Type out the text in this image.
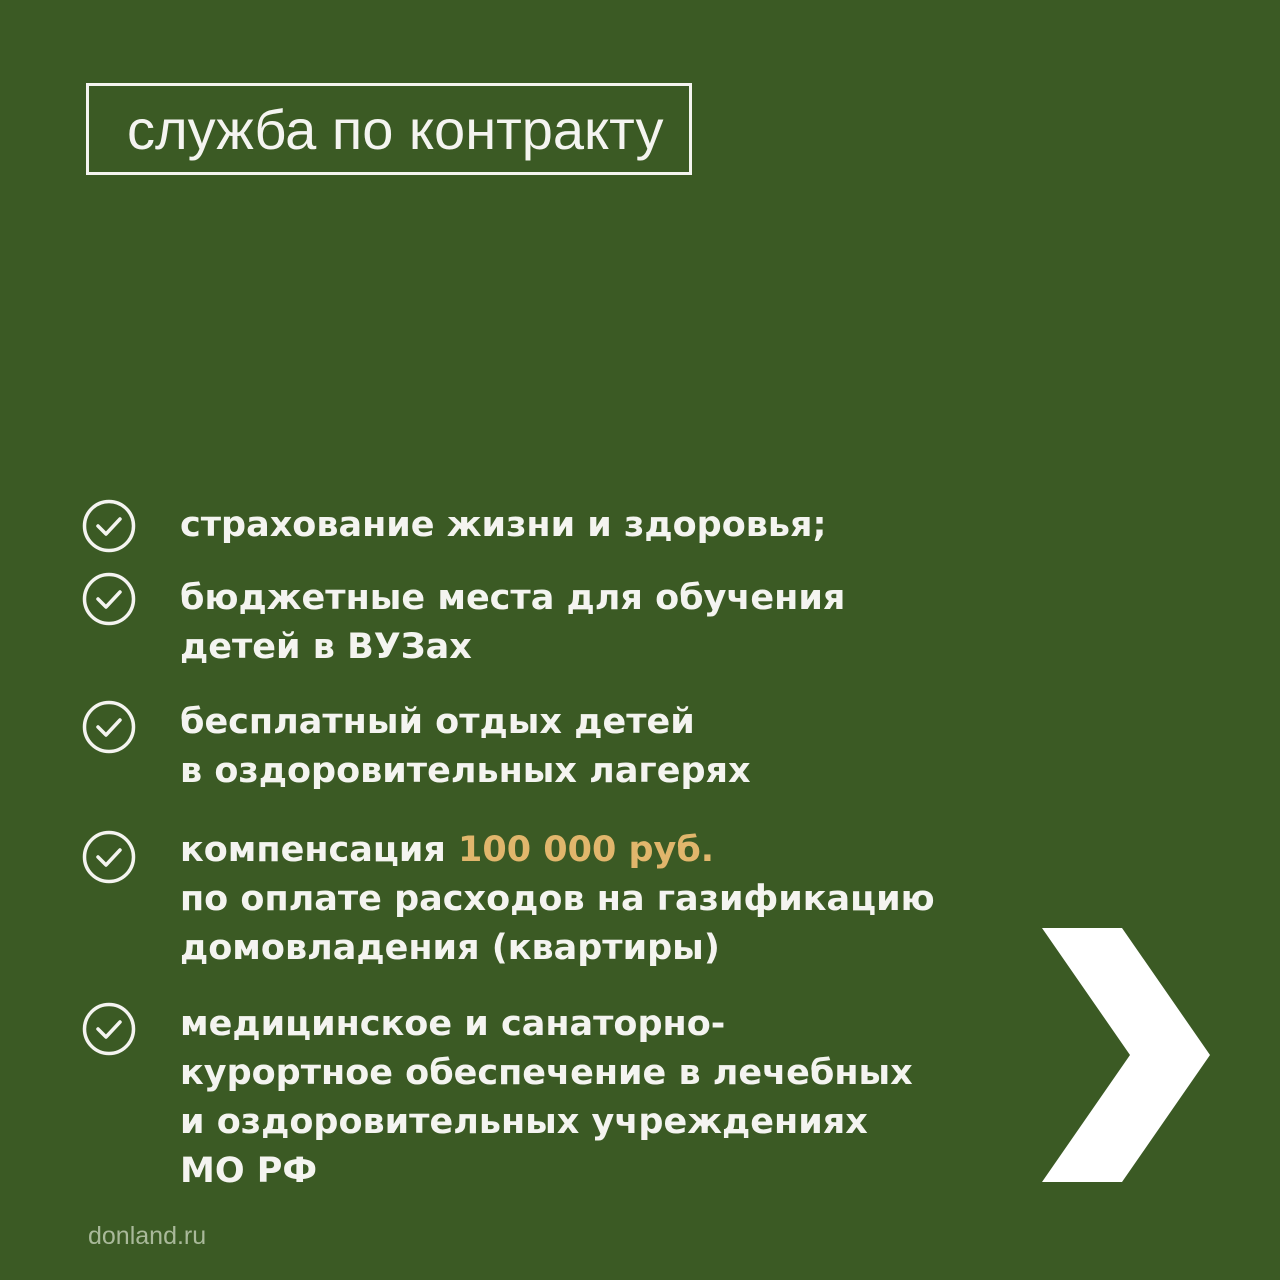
служба по контракту
страхование жизни и здоровья;
бюджетные места для обучения
детей в ВУЗах
бесплатный отдых детей
в оздоровительных лагерях
компенсация 100 000 руб.
по оплате расходов на газификацию
домовладения (квартиры)
медицинское и санаторно-
курортное обеспечение в лечебных
и оздоровительных учреждениях
МО РФ
donland.ru
